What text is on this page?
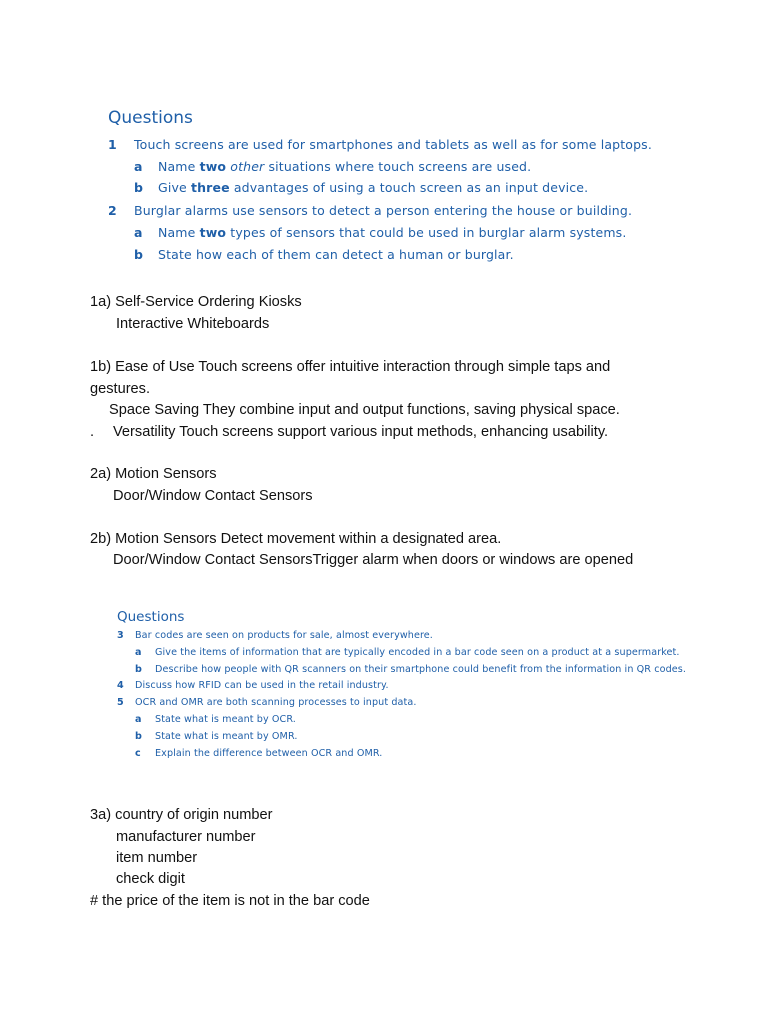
Questions
1 Touch screens are used for smartphones and tablets as well as for some laptops.
a Name two other situations where touch screens are used.
b Give three advantages of using a touch screen as an input device.
2 Burglar alarms use sensors to detect a person entering the house or building.
a Name two types of sensors that could be used in burglar alarm systems.
b State how each of them can detect a human or burglar.
1a) Self-Service Ordering Kiosks
Interactive Whiteboards
1b) Ease of Use Touch screens offer intuitive interaction through simple taps and
gestures.
Space Saving They combine input and output functions, saving physical space.
. Versatility Touch screens support various input methods, enhancing usability.
2a) Motion Sensors
Door/Window Contact Sensors
2b) Motion Sensors Detect movement within a designated area.
Door/Window Contact SensorsTrigger alarm when doors or windows are opened
Questions
3 Bar codes are seen on products for sale, almost everywhere.
a Give the items of information that are typically encoded in a bar code seen on a product at a supermarket.
b Describe how people with QR scanners on their smartphone could benefit from the information in QR codes.
4 Discuss how RFID can be used in the retail industry.
5 OCR and OMR are both scanning processes to input data.
a State what is meant by OCR.
b State what is meant by OMR.
c Explain the difference between OCR and OMR.
3a) country of origin number
manufacturer number
item number
check digit
# the price of the item is not in the bar code
